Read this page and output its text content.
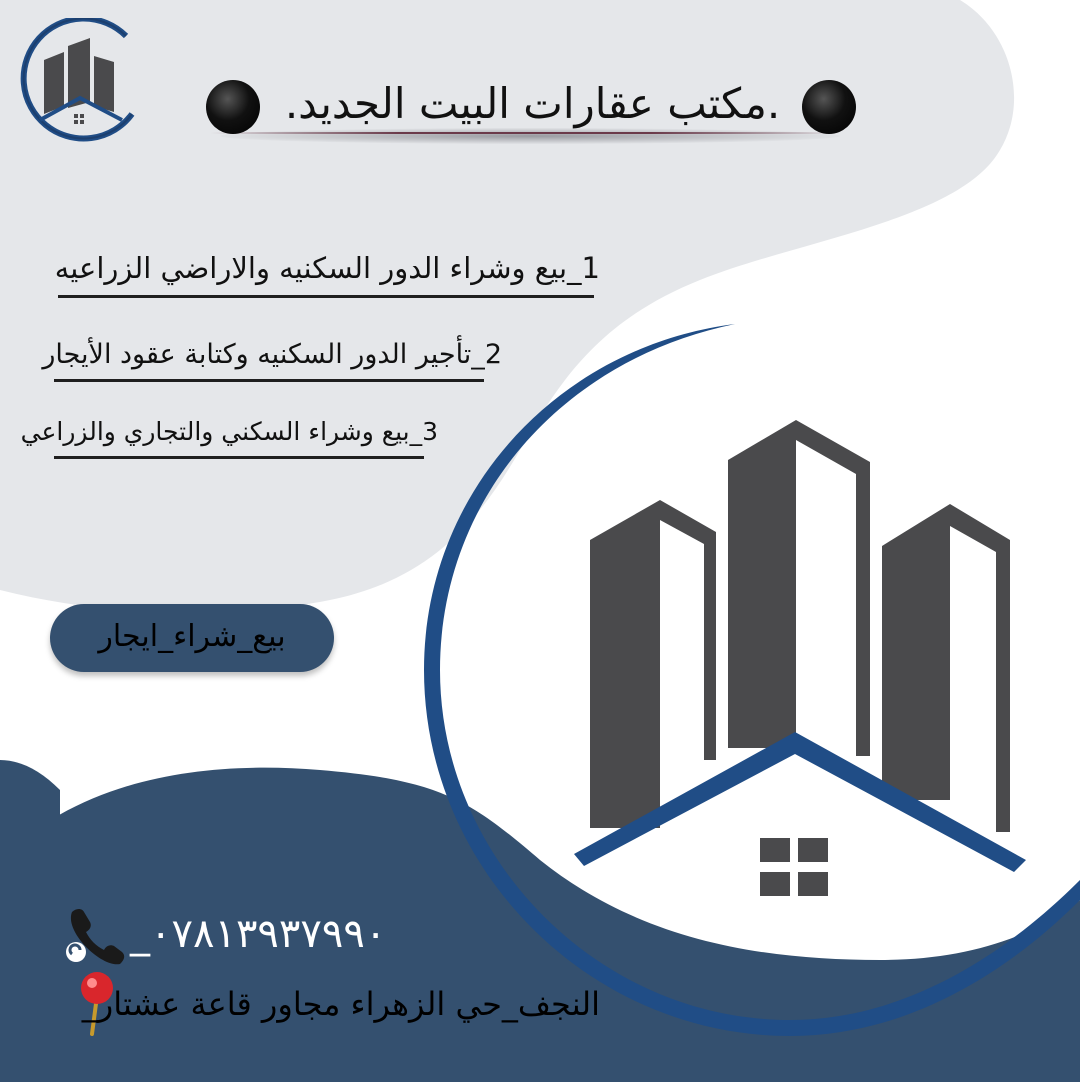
.مكتب عقارات البيت الجديد.
1_بيع وشراء الدور السكنيه والاراضي الزراعيه
2_تأجير الدور السكنيه وكتابة عقود الأيجار
3_بيع وشراء السكني والتجاري والزراعي
بيع_شراء_ايجار
٠٧٨١٣٩٣٧٩٩٠_
النجف_حي الزهراء مجاور قاعة عشتار_
